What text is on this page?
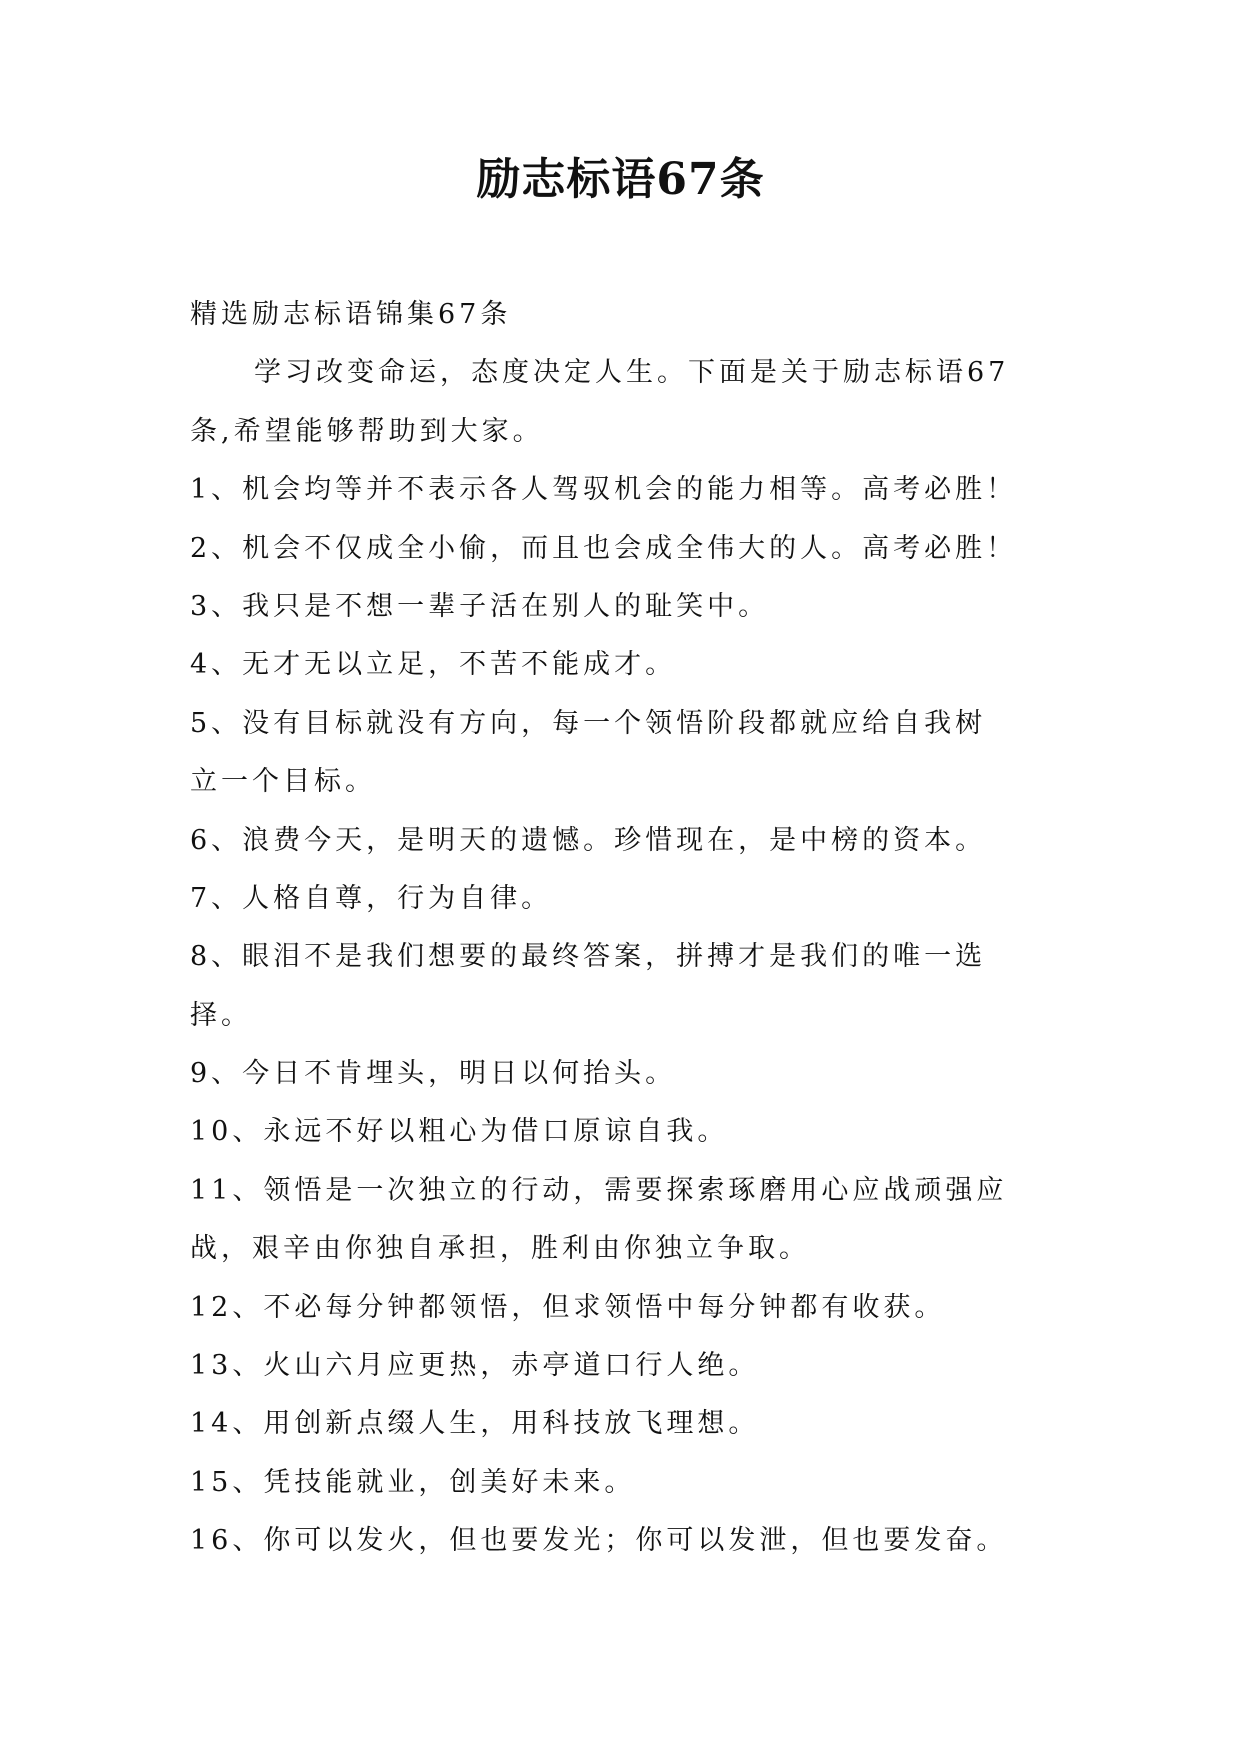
励志标语67条
精选励志标语锦集67条
学习改变命运，态度决定人生。下面是关于励志标语67
条,希望能够帮助到大家。
1、机会均等并不表示各人驾驭机会的能力相等。高考必胜！
2、机会不仅成全小偷，而且也会成全伟大的人。高考必胜！
3、我只是不想一辈子活在别人的耻笑中。
4、无才无以立足，不苦不能成才。
5、没有目标就没有方向，每一个领悟阶段都就应给自我树
立一个目标。
6、浪费今天，是明天的遗憾。珍惜现在，是中榜的资本。
7、人格自尊，行为自律。
8、眼泪不是我们想要的最终答案，拼搏才是我们的唯一选
择。
9、今日不肯埋头，明日以何抬头。
10、永远不好以粗心为借口原谅自我。
11、领悟是一次独立的行动，需要探索琢磨用心应战顽强应
战，艰辛由你独自承担，胜利由你独立争取。
12、不必每分钟都领悟，但求领悟中每分钟都有收获。
13、火山六月应更热，赤亭道口行人绝。
14、用创新点缀人生，用科技放飞理想。
15、凭技能就业，创美好未来。
16、你可以发火，但也要发光；你可以发泄，但也要发奋。
